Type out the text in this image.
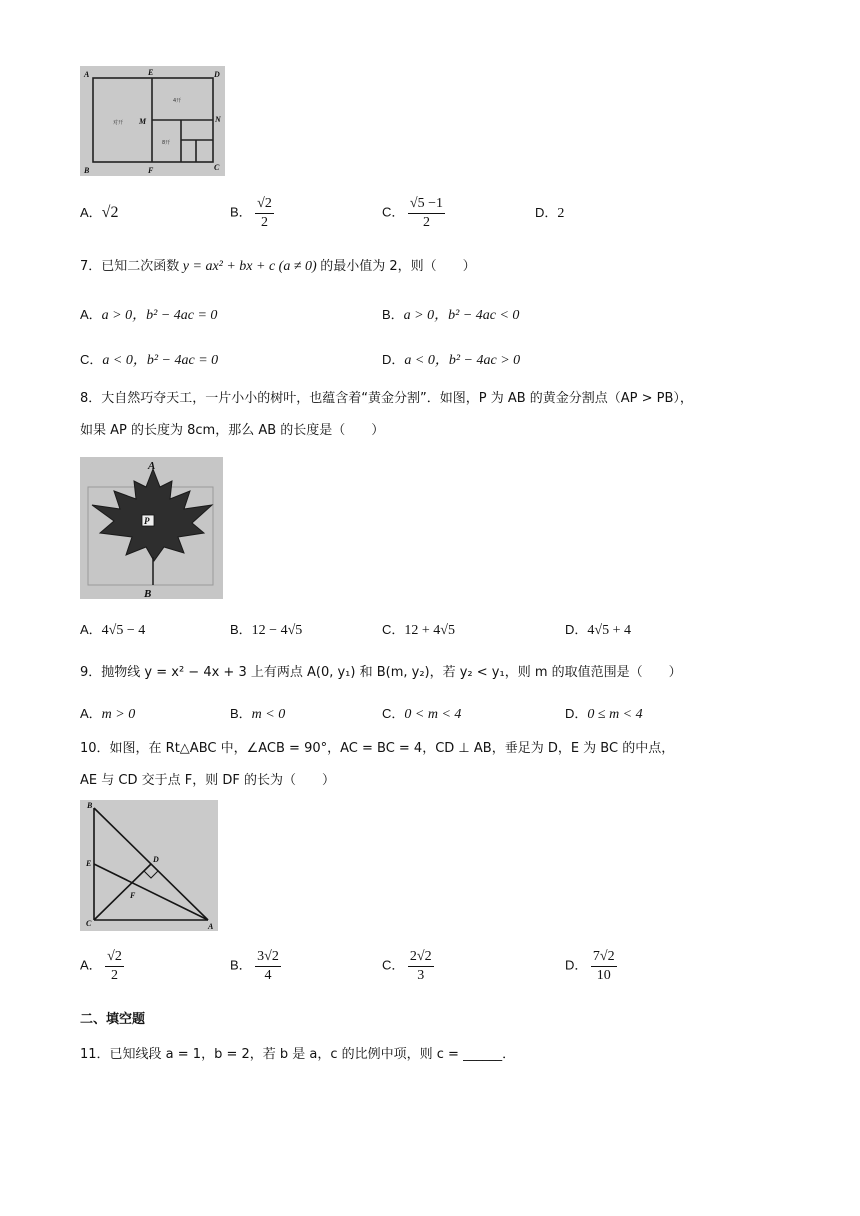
A	E	D
M	N
B	F	C
对开
4开
8开
A．√2	B． $\frac{√2}{2}$	C． $\frac{√5 -1}{2}$	D．2
7．已知二次函数 y = ax² + bx + c (a ≠ 0) 的最小值为 2，则（　　）
A．a > 0，b² − 4ac = 0	B．a > 0，b² − 4ac < 0
C．a < 0，b² − 4ac = 0	D．a < 0，b² − 4ac > 0
8．大自然巧夺天工，一片小小的树叶，也蕴含着“黄金分割”．如图，P 为 AB 的黄金分割点（AP > PB），
如果 AP 的长度为 8cm，那么 AB 的长度是（　　）
A
P
B
A．4√5 − 4	B．12 − 4√5	C．12 + 4√5	D．4√5 + 4
9．抛物线 y = x² − 4x + 3 上有两点 A(0, y₁) 和 B(m, y₂)，若 y₂ < y₁，则 m 的取值范围是（　　）
A．m > 0	B．m < 0	C．0 < m < 4	D．0 ≤ m < 4
10．如图，在 Rt△ABC 中，∠ACB = 90°，AC = BC = 4，CD ⊥ AB，垂足为 D，E 为 BC 的中点，
AE 与 CD 交于点 F，则 DF 的长为（　　）
B
E	D
F
C	A
A． $\frac{√2}{2}$	B． $\frac{3√2}{4}$	C． $\frac{2√2}{3}$	D． $\frac{7√2}{10}$
二、填空题
11．已知线段 a = 1，b = 2，若 b 是 a，c 的比例中项，则 c = ______．
